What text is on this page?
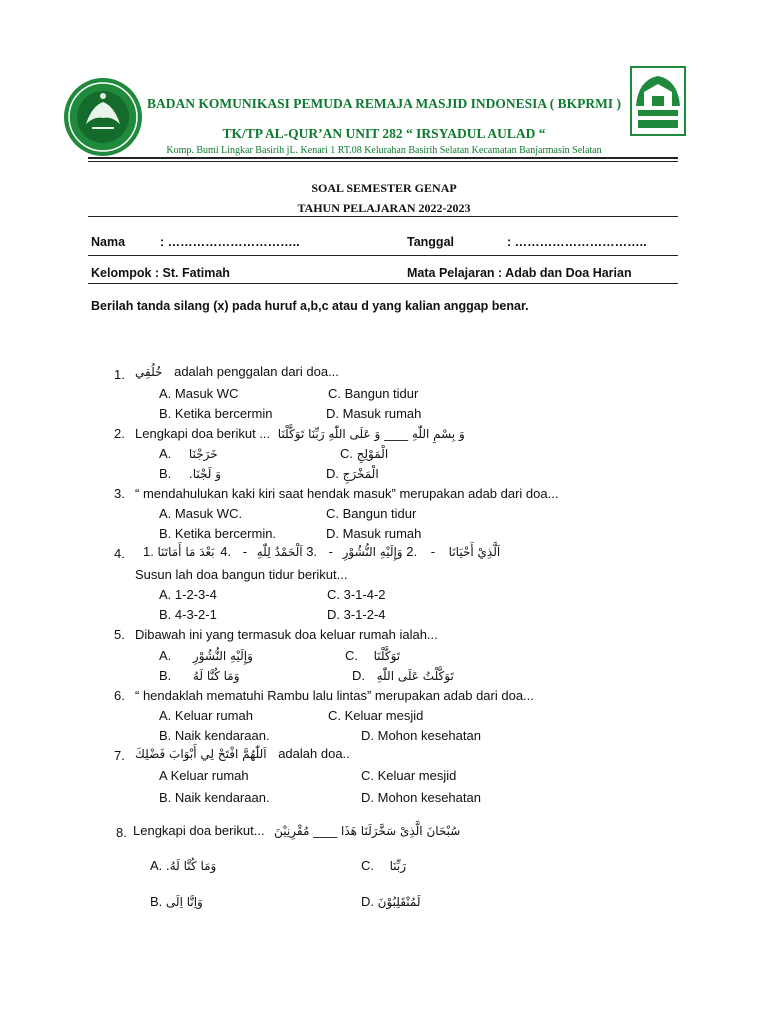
BADAN KOMUNIKASI PEMUDA REMAJA MASJID INDONESIA ( BKPRMI )
TK/TP AL-QUR’AN UNIT 282 “ IRSYADUL AULAD “
Komp. Bumi Lingkar Basirih jL. Kenari 1 RT.08 Kelurahan Basirih Selatan Kecamatan Banjarmasin Selatan
SOAL SEMESTER GENAP
TAHUN PELAJARAN 2022-2023
Nama	: …………………………..	Tanggal	: …………………………..
Kelompok : St. Fatimah	Mata Pelajaran : Adab dan Doa Harian
Berilah tanda silang (x) pada huruf a,b,c atau d yang kalian anggap benar.
1. خُلُقِي adalah penggalan dari doa...
A. Masuk WC	C. Bangun tidur
B. Ketika bercermin	D. Masuk rumah
2. Lengkapi doa berikut ... وَ بِسْمِ اللّٰهِ ____ وَ عَلَى اللّٰهِ رَبِّنَا تَوَكَّلْنَا
A. خَرَجْنَا	C. الْمَوْلِجِ
B. وَ لَجْنَا.	D. الْمَخْرَجِ
3. “ mendahulukan kaki kiri saat hendak masuk” merupakan adab dari doa...
A. Masuk WC.	C. Bangun tidur
B. Ketika bercermin.	D. Masuk rumah
4. 1. بَعْدَ مَا أَمَاتَنَا 4. - اَلْحَمْدُ لِلّٰهِ 3. - وَإِلَيْهِ النُّشُوْرِ 2. - اَلَّذِيْ أَحْيَانَا
Susun lah doa bangun tidur berikut...
A. 1-2-3-4	C. 3-1-4-2
B. 4-3-2-1	D. 3-1-2-4
5. Dibawah ini yang termasuk doa keluar rumah ialah...
A. وَإِلَيْهِ النُّشُوْرِ	C. تَوَكَّلْنَا
B. وَمَا كُنَّا لَهُ	D. تَوَكَّلْتُ عَلَى اللّٰهِ
6. “ hendaklah mematuhi Rambu lalu lintas” merupakan adab dari doa...
A. Keluar rumah	C. Keluar mesjid
B. Naik kendaraan.	D. Mohon kesehatan
7. اَللّٰهُمَّ افْتَحْ لِي أَبْوَابَ فَضْلِكَ adalah doa..
A Keluar rumah	C. Keluar mesjid
B. Naik kendaraan.	D. Mohon kesehatan
8. Lengkapi doa berikut... سُبْحَانَ الَّذِىْ سَخَّرَلَنَا هَذَا ____ مُقْرِنِيْنَ
A. وَمَا كُنَّا لَهُ.	C. رَبِّنَا
B. وَاِنَّا اِلَى	D. لَمُنْقَلِبُوْنَ
